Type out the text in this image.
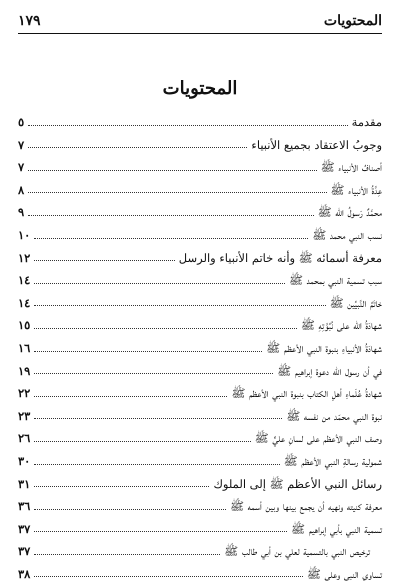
المحتويات
١٧٩
المحتويات
مقدمة
٥
وجوبُ الاعتقاد بجميع الأنبياء
٧
أصنافُ الأنبياء ﷺ
٧
عِدَّةُ الأنبياء ﷺ
٨
محمَّدٌ رَسولُ الله ﷺ
٩
نسب النبي محمد ﷺ
١٠
معرفة أسمائه ﷺ وأنه خاتم الأنبياء والرسل
١٢
سبب تسمية النبي بمحمد ﷺ
١٤
خاتَمُ النَّبيِّين ﷺ
١٤
شهادَةُ الله على نُبُوَّتِهِ ﷺ
١٥
شهادَةُ الأنبياءِ بنبوة النبي الأعظم ﷺ
١٦
في أن رسول الله دعوة إبراهيم ﷺ
١٩
شهادةُ عُلَماءِ أهلِ الكتاب بنبوة النبي الأعظم ﷺ
٢٢
نبوة النبي محمّد من نفسه ﷺ
٢٣
وصف النبي الأعظم على لسانِ عليٍّ ﷺ
٢٦
شمولية رسالةِ النبي الأعظم ﷺ
٣٠
رسائل النبي الأعظم ﷺ إلى الملوك
٣١
معرفة كنيته ونهيه أن يجمع بينها وبين أسمه ﷺ
٣٦
تسمية النبي بأبي إبراهيم ﷺ
٣٧
ترخيص النبي بالتسمية لعلي بن أبي طالب ﷺ
٣٧
تساوي النبي وعلي ﷺ
٣٨
